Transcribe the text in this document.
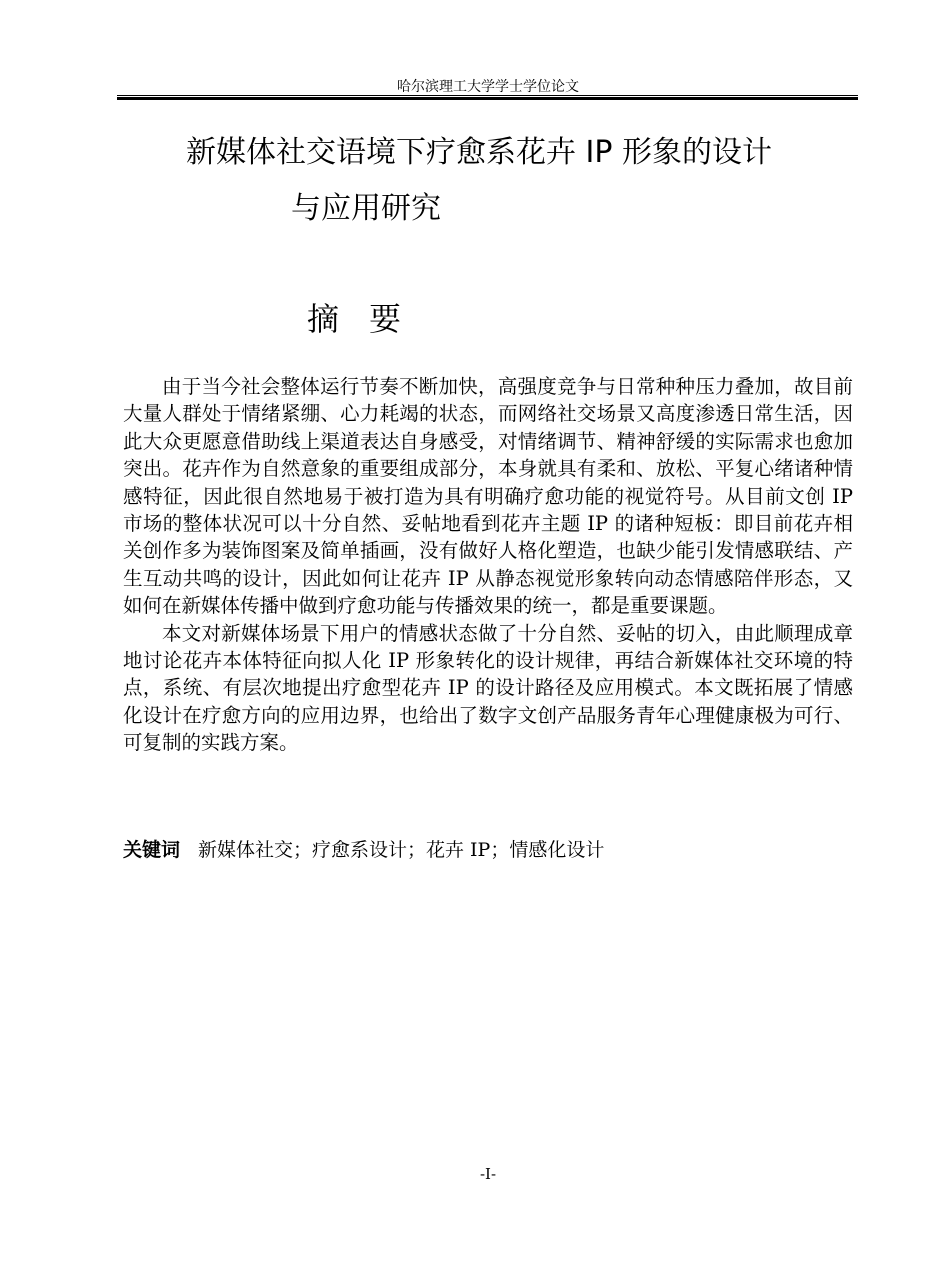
哈尔滨理工大学学士学位论文
新媒体社交语境下疗愈系花卉 IP 形象的设计
与应用研究
摘要

由于当今社会整体运行节奏不断加快，高强度竞争与日常种种压力叠加，故目前大量人群处于情绪紧绷、心力耗竭的状态，而网络社交场景又高度渗透日常生活，因此大众更愿意借助线上渠道表达自身感受，对情绪调节、精神舒缓的实际需求也愈加突出。花卉作为自然意象的重要组成部分，本身就具有柔和、放松、平复心绪诸种情感特征，因此很自然地易于被打造为具有明确疗愈功能的视觉符号。从目前文创 IP 市场的整体状况可以十分自然、妥帖地看到花卉主题 IP 的诸种短板：即目前花卉相关创作多为装饰图案及简单插画，没有做好人格化塑造，也缺少能引发情感联结、产生互动共鸣的设计，因此如何让花卉 IP 从静态视觉形象转向动态情感陪伴形态，又如何在新媒体传播中做到疗愈功能与传播效果的统一，都是重要课题。

本文对新媒体场景下用户的情感状态做了十分自然、妥帖的切入，由此顺理成章地讨论花卉本体特征向拟人化 IP 形象转化的设计规律，再结合新媒体社交环境的特点，系统、有层次地提出疗愈型花卉 IP 的设计路径及应用模式。本文既拓展了情感化设计在疗愈方向的应用边界，也给出了数字文创产品服务青年心理健康极为可行、可复制的实践方案。

关键词 新媒体社交；疗愈系设计；花卉 IP；情感化设计
-I-
